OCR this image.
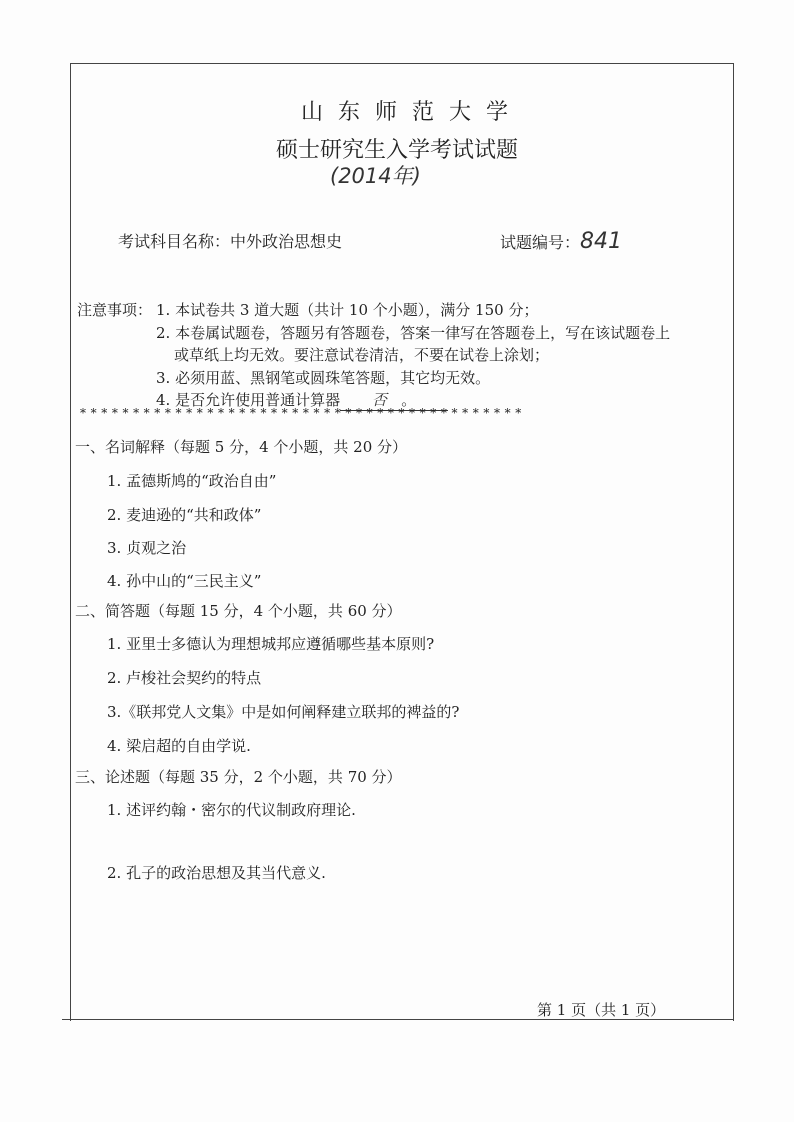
山 东 师 范 大 学
硕士研究生入学考试试题
(2014年)
考试科目名称：中外政治思想史	试题编号：841
注意事项： 1. 本试卷共 3 道大题（共计 10 个小题），满分 150 分；
2. 本卷属试题卷，答题另有答题卷，答案一律写在答题卷上，写在该试题卷上
或草纸上均无效。要注意试卷清洁，不要在试卷上涂划；
3. 必须用蓝、黑钢笔或圆珠笔答题，其它均无效。
4. 是否允许使用普通计算器 否 。
* * * * * * * * * * * * * * * * * * * * * * * * * * * * * * * * * * * * * * * * * *
一、名词解释（每题 5 分，4 个小题，共 20 分）
1. 孟德斯鸠的“政治自由”
2. 麦迪逊的“共和政体”
3. 贞观之治
4. 孙中山的“三民主义”
二、简答题（每题 15 分，4 个小题，共 60 分）
1. 亚里士多德认为理想城邦应遵循哪些基本原则?
2. 卢梭社会契约的特点
3.《联邦党人文集》中是如何阐释建立联邦的裨益的?
4. 梁启超的自由学说.
三、论述题（每题 35 分，2 个小题，共 70 分）
1. 述评约翰・密尔的代议制政府理论.
2. 孔子的政治思想及其当代意义.
第 1 页（共 1 页）
